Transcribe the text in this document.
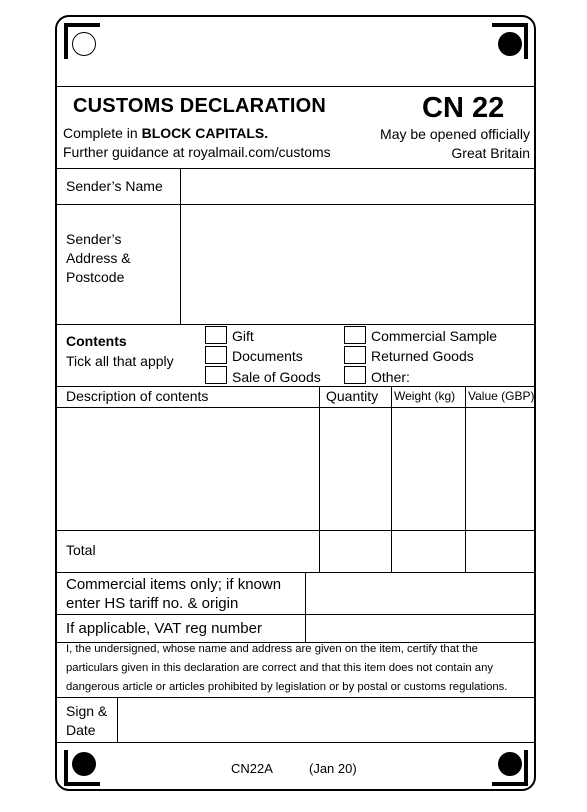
CUSTOMS DECLARATION	CN 22
Complete in BLOCK CAPITALS.
Further guidance at royalmail.com/customs
May be opened officially
Great Britain
Sender’s Name
Sender’s
Address &
Postcode
Contents
Tick all that apply
Gift
Documents
Sale of Goods
Commercial Sample
Returned Goods
Other:
Description of contents	Quantity Weight (kg) Value (GBP)
Total
Commercial items only; if known
enter HS tariff no. & origin
If applicable, VAT reg number
I, the undersigned, whose name and address are given on the item, certify that the
particulars given in this declaration are correct and that this item does not contain any
dangerous article or articles prohibited by legislation or by postal or customs regulations.
Sign &
Date
CN22A	(Jan 20)
